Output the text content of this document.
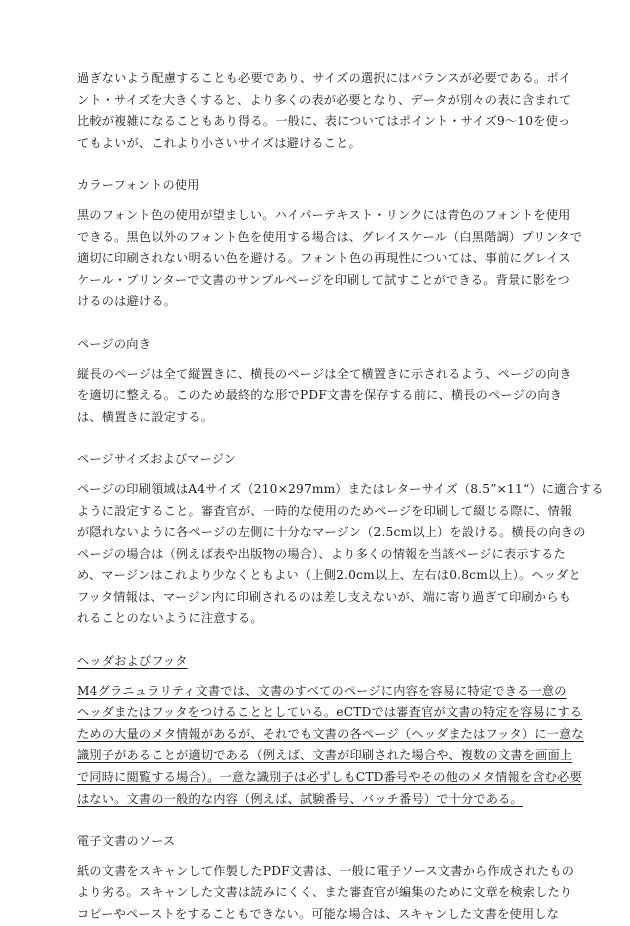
過ぎないよう配慮することも必要であり、サイズの選択にはバランスが必要である。ポイ
ント・サイズを大きくすると、より多くの表が必要となり、データが別々の表に含まれて
比較が複雑になることもあり得る。一般に、表についてはポイント・サイズ9〜10を使っ
てもよいが、これより小さいサイズは避けること。
カラーフォントの使用
黒のフォント色の使用が望ましい。ハイパーテキスト・リンクには青色のフォントを使用
できる。黒色以外のフォント色を使用する場合は、グレイスケール（白黒階調）プリンタで
適切に印刷されない明るい色を避ける。フォント色の再現性については、事前にグレイス
ケール・プリンターで文書のサンプルページを印刷して試すことができる。背景に影をつ
けるのは避ける。
ページの向き
縦長のページは全て縦置きに、横長のページは全て横置きに示されるよう、ページの向き
を適切に整える。このため最終的な形でPDF文書を保存する前に、横長のページの向き
は、横置きに設定する。
ページサイズおよびマージン
ページの印刷領域はA4サイズ（210×297mm）またはレターサイズ（8.5”×11“）に適合する
ように設定すること。審査官が、一時的な使用のためページを印刷して綴じる際に、情報
が隠れないように各ページの左側に十分なマージン（2.5cm以上）を設ける。横長の向きの
ページの場合は（例えば表や出版物の場合）、より多くの情報を当該ページに表示するた
め、マージンはこれより少なくともよい（上側2.0cm以上、左右は0.8cm以上）。ヘッダと
フッタ情報は、マージン内に印刷されるのは差し支えないが、端に寄り過ぎて印刷からも
れることのないように注意する。
ヘッダおよびフッタ
M4グラニュラリティ文書では、文書のすべてのページに内容を容易に特定できる一意の
ヘッダまたはフッタをつけることとしている。eCTDでは審査官が文書の特定を容易にする
ための大量のメタ情報があるが、それでも文書の各ページ（ヘッダまたはフッタ）に一意な
識別子があることが適切である（例えば、文書が印刷された場合や、複数の文書を画面上
で同時に閲覧する場合）。一意な識別子は必ずしもCTD番号やその他のメタ情報を含む必要
はない。文書の一般的な内容（例えば、試験番号、バッチ番号）で十分である。
電子文書のソース
紙の文書をスキャンして作製したPDF文書は、一般に電子ソース文書から作成されたもの
より劣る。スキャンした文書は読みにくく、また審査官が編集のために文章を検索したり
コピーやペーストをすることもできない。可能な場合は、スキャンした文書を使用しな
